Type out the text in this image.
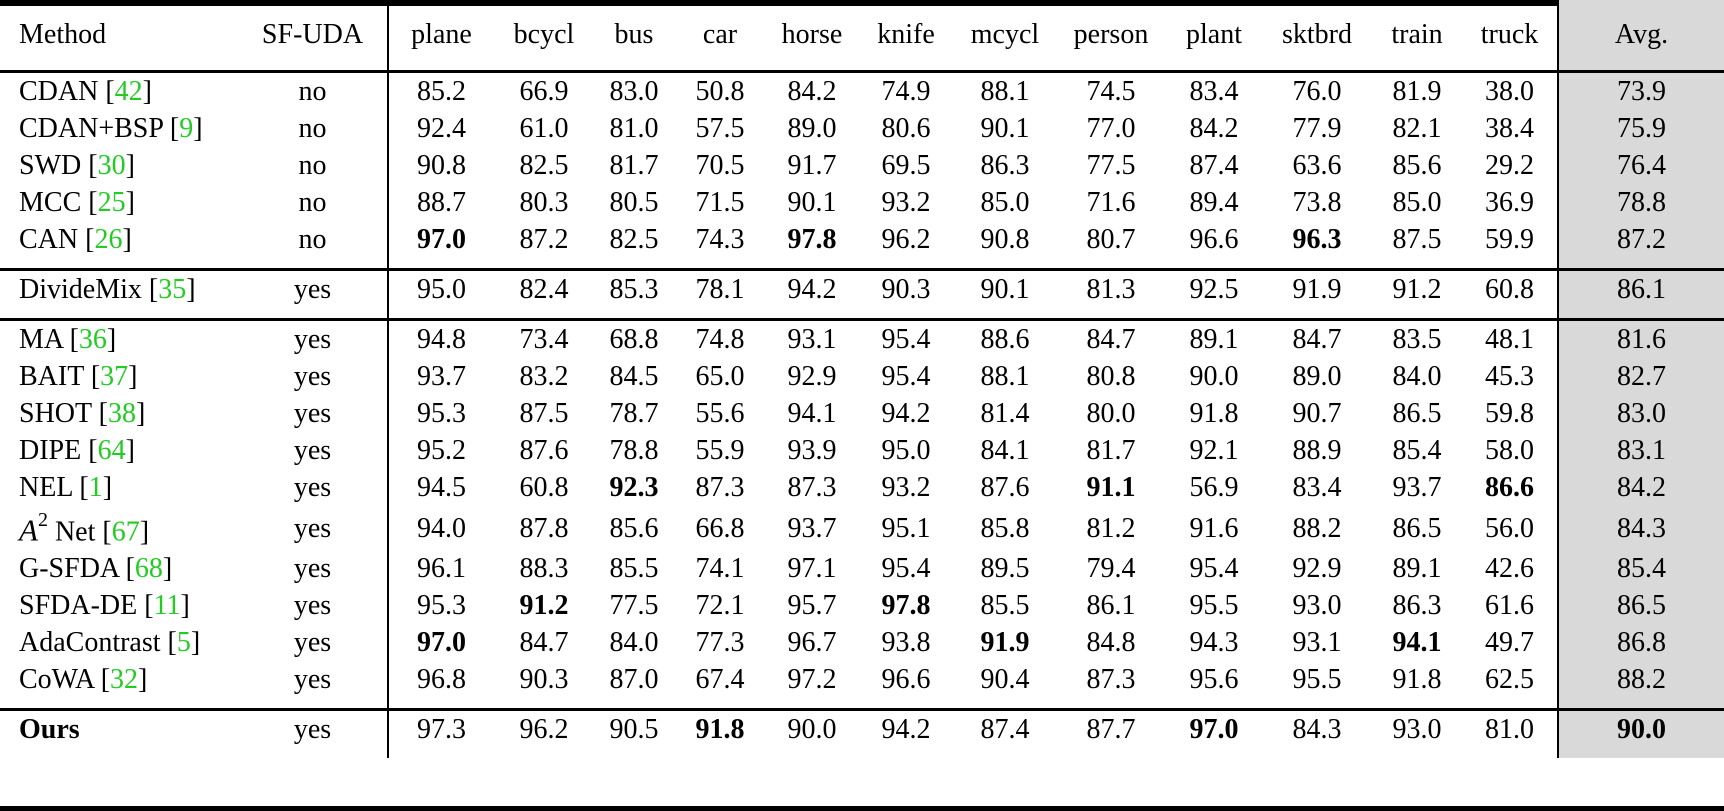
Method	SF-UDA	plane	bcycl	bus	car	horse	knife	mcycl	person	plant	sktbrd	train	truck	Avg.

CDAN [42]	no	85.2	66.9	83.0	50.8	84.2	74.9	88.1	74.5	83.4	76.0	81.9	38.0	73.9
CDAN+BSP [9]	no	92.4	61.0	81.0	57.5	89.0	80.6	90.1	77.0	84.2	77.9	82.1	38.4	75.9
SWD [30]	no	90.8	82.5	81.7	70.5	91.7	69.5	86.3	77.5	87.4	63.6	85.6	29.2	76.4
MCC [25]	no	88.7	80.3	80.5	71.5	90.1	93.2	85.0	71.6	89.4	73.8	85.0	36.9	78.8
CAN [26]	no	97.0	87.2	82.5	74.3	97.8	96.2	90.8	80.7	96.6	96.3	87.5	59.9	87.2

DivideMix [35]	yes	95.0	82.4	85.3	78.1	94.2	90.3	90.1	81.3	92.5	91.9	91.2	60.8	86.1

MA [36]	yes	94.8	73.4	68.8	74.8	93.1	95.4	88.6	84.7	89.1	84.7	83.5	48.1	81.6
BAIT [37]	yes	93.7	83.2	84.5	65.0	92.9	95.4	88.1	80.8	90.0	89.0	84.0	45.3	82.7
SHOT [38]	yes	95.3	87.5	78.7	55.6	94.1	94.2	81.4	80.0	91.8	90.7	86.5	59.8	83.0
DIPE [64]	yes	95.2	87.6	78.8	55.9	93.9	95.0	84.1	81.7	92.1	88.9	85.4	58.0	83.1
NEL [1]	yes	94.5	60.8	92.3	87.3	87.3	93.2	87.6	91.1	56.9	83.4	93.7	86.6	84.2
$A^2$ Net [67]	yes	94.0	87.8	85.6	66.8	93.7	95.1	85.8	81.2	91.6	88.2	86.5	56.0	84.3
G-SFDA [68]	yes	96.1	88.3	85.5	74.1	97.1	95.4	89.5	79.4	95.4	92.9	89.1	42.6	85.4
SFDA-DE [11]	yes	95.3	91.2	77.5	72.1	95.7	97.8	85.5	86.1	95.5	93.0	86.3	61.6	86.5
AdaContrast [5]	yes	97.0	84.7	84.0	77.3	96.7	93.8	91.9	84.8	94.3	93.1	94.1	49.7	86.8
CoWA [32]	yes	96.8	90.3	87.0	67.4	97.2	96.6	90.4	87.3	95.6	95.5	91.8	62.5	88.2

Ours	yes	97.3	96.2	90.5	91.8	90.0	94.2	87.4	87.7	97.0	84.3	93.0	81.0	90.0
